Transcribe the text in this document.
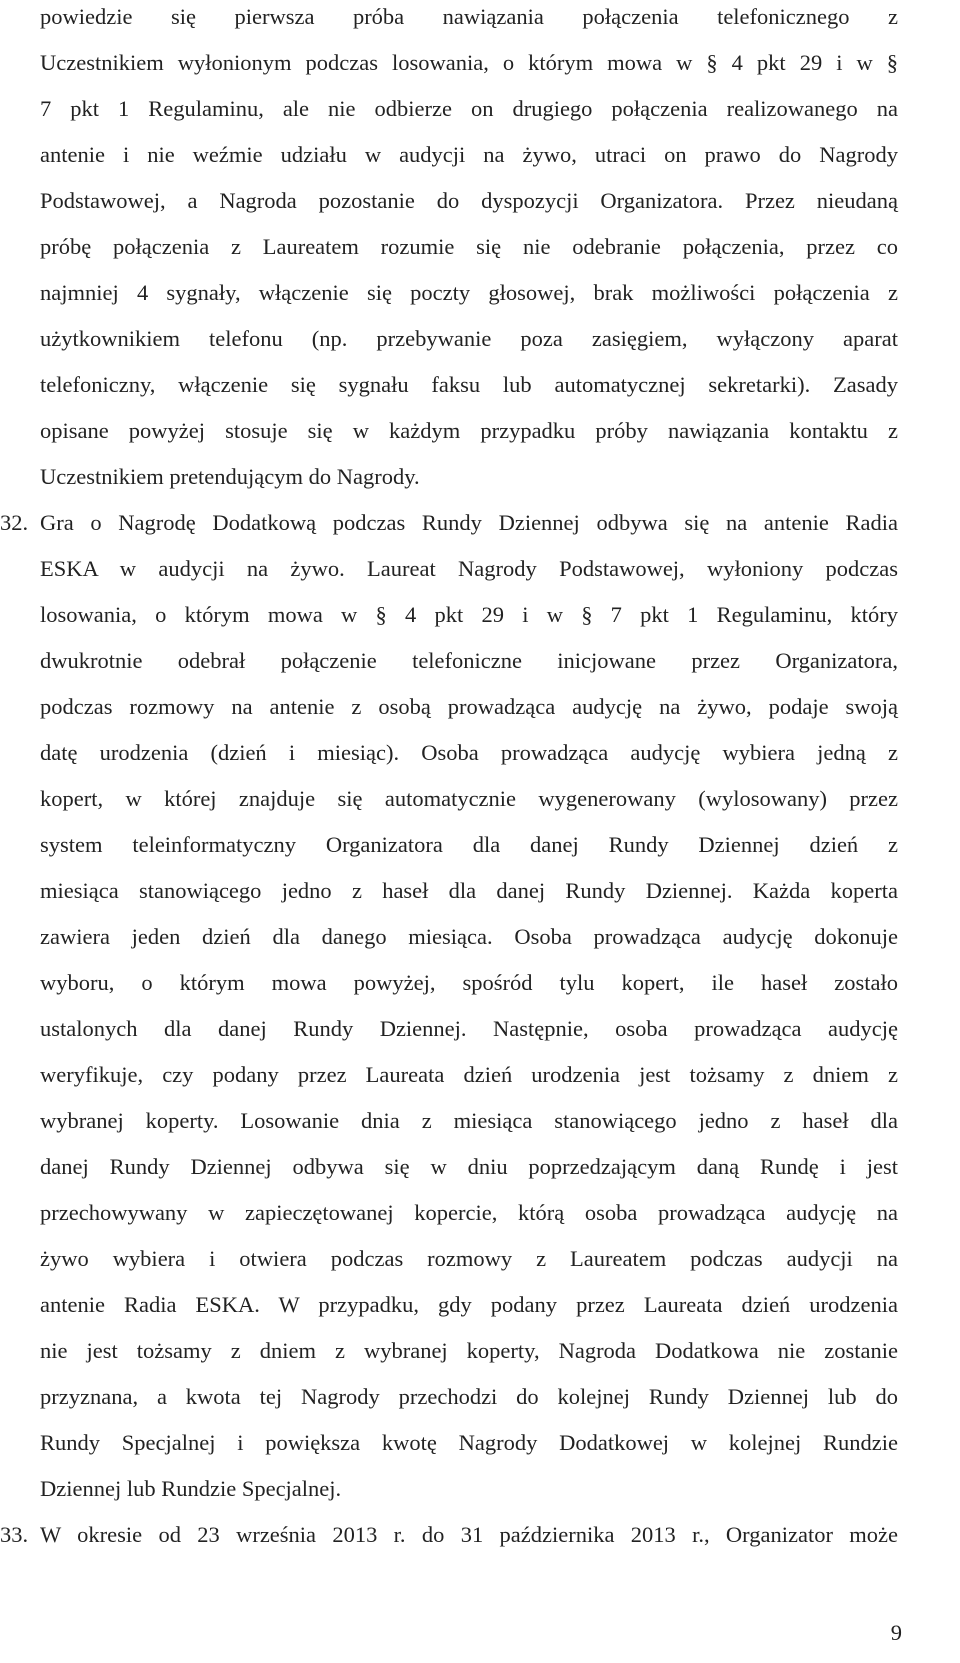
powiedzie się pierwsza próba nawiązania połączenia telefonicznego z
Uczestnikiem wyłonionym podczas losowania, o którym mowa w § 4 pkt 29 i w §
7 pkt 1 Regulaminu, ale nie odbierze on drugiego połączenia realizowanego na
antenie i nie weźmie udziału w audycji na żywo, utraci on prawo do Nagrody
Podstawowej, a Nagroda pozostanie do dyspozycji Organizatora. Przez nieudaną
próbę połączenia z Laureatem rozumie się nie odebranie połączenia, przez co
najmniej 4 sygnały, włączenie się poczty głosowej, brak możliwości połączenia z
użytkownikiem telefonu (np. przebywanie poza zasięgiem, wyłączony aparat
telefoniczny, włączenie się sygnału faksu lub automatycznej sekretarki). Zasady
opisane powyżej stosuje się w każdym przypadku próby nawiązania kontaktu z
Uczestnikiem pretendującym do Nagrody.
32. Gra o Nagrodę Dodatkową podczas Rundy Dziennej odbywa się na antenie Radia
ESKA w audycji na żywo. Laureat Nagrody Podstawowej, wyłoniony podczas
losowania, o którym mowa w § 4 pkt 29 i w § 7 pkt 1 Regulaminu, który
dwukrotnie odebrał połączenie telefoniczne inicjowane przez Organizatora,
podczas rozmowy na antenie z osobą prowadząca audycję na żywo, podaje swoją
datę urodzenia (dzień i miesiąc). Osoba prowadząca audycję wybiera jedną z
kopert, w której znajduje się automatycznie wygenerowany (wylosowany) przez
system teleinformatyczny Organizatora dla danej Rundy Dziennej dzień z
miesiąca stanowiącego jedno z haseł dla danej Rundy Dziennej. Każda koperta
zawiera jeden dzień dla danego miesiąca. Osoba prowadząca audycję dokonuje
wyboru, o którym mowa powyżej, spośród tylu kopert, ile haseł zostało
ustalonych dla danej Rundy Dziennej. Następnie, osoba prowadząca audycję
weryfikuje, czy podany przez Laureata dzień urodzenia jest tożsamy z dniem z
wybranej koperty. Losowanie dnia z miesiąca stanowiącego jedno z haseł dla
danej Rundy Dziennej odbywa się w dniu poprzedzającym daną Rundę i jest
przechowywany w zapieczętowanej kopercie, którą osoba prowadząca audycję na
żywo wybiera i otwiera podczas rozmowy z Laureatem podczas audycji na
antenie Radia ESKA. W przypadku, gdy podany przez Laureata dzień urodzenia
nie jest tożsamy z dniem z wybranej koperty, Nagroda Dodatkowa nie zostanie
przyznana, a kwota tej Nagrody przechodzi do kolejnej Rundy Dziennej lub do
Rundy Specjalnej i powiększa kwotę Nagrody Dodatkowej w kolejnej Rundzie
Dziennej lub Rundzie Specjalnej.
33. W okresie od 23 września 2013 r. do 31 października 2013 r., Organizator może
9
